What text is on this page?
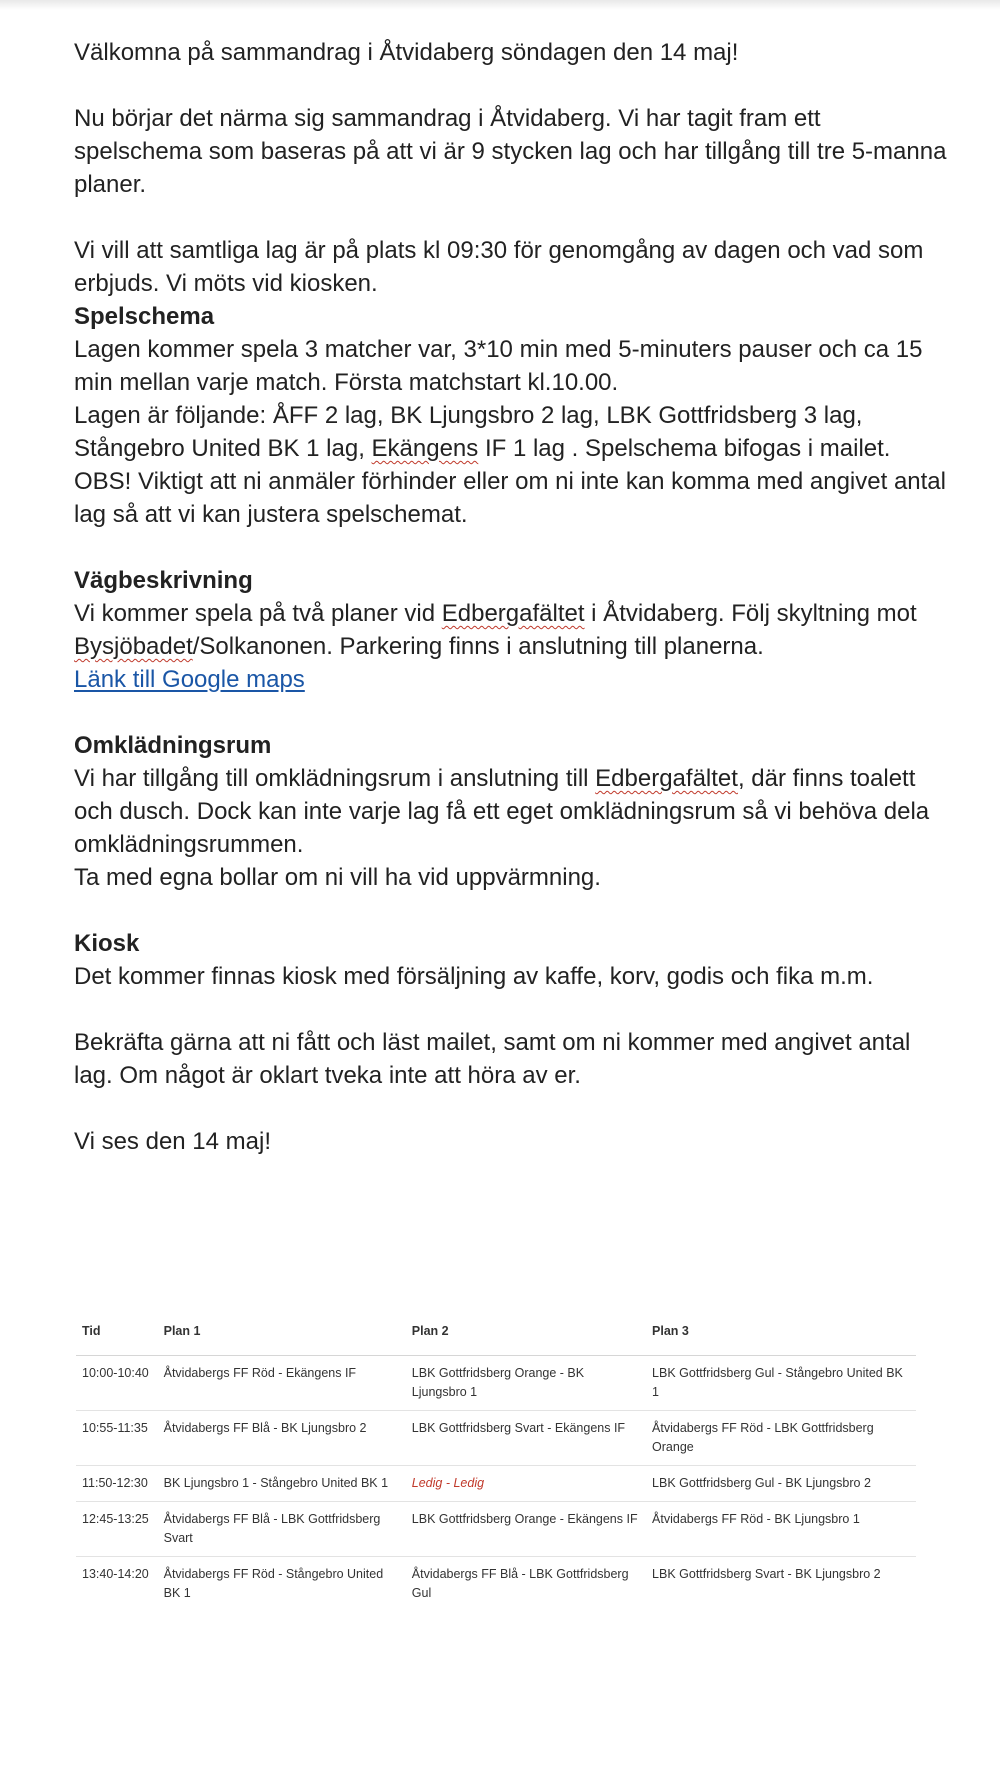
Välkomna på sammandrag i Åtvidaberg söndagen den 14 maj!

Nu börjar det närma sig sammandrag i Åtvidaberg. Vi har tagit fram ett spelschema som baseras på att vi är 9 stycken lag och har tillgång till tre 5-manna planer.

Vi vill att samtliga lag är på plats kl 09:30 för genomgång av dagen och vad som erbjuds. Vi möts vid kiosken.

Spelschema

Lagen kommer spela 3 matcher var, 3*10 min med 5-minuters pauser och ca 15 min mellan varje match. Första matchstart kl.10.00.

Lagen är följande: ÅFF 2 lag, BK Ljungsbro 2 lag, LBK Gottfridsberg 3 lag, Stångebro United BK 1 lag, Ekängens IF 1 lag . Spelschema bifogas i mailet. OBS! Viktigt att ni anmäler förhinder eller om ni inte kan komma med angivet antal lag så att vi kan justera spelschemat.

Vägbeskrivning

Vi kommer spela på två planer vid Edbergafältet i Åtvidaberg. Följ skyltning mot Bysjöbadet/Solkanonen. Parkering finns i anslutning till planerna.

Länk till Google maps

Omklädningsrum

Vi har tillgång till omklädningsrum i anslutning till Edbergafältet, där finns toalett och dusch. Dock kan inte varje lag få ett eget omklädningsrum så vi behöva dela omklädningsrummen.

Ta med egna bollar om ni vill ha vid uppvärmning.

Kiosk

Det kommer finnas kiosk med försäljning av kaffe, korv, godis och fika m.m.

Bekräfta gärna att ni fått och läst mailet, samt om ni kommer med angivet antal lag. Om något är oklart tveka inte att höra av er.

Vi ses den 14 maj!

Tid	Plan 1	Plan 2	Plan 3
10:00-10:40	Åtvidabergs FF Röd - Ekängens IF	LBK Gottfridsberg Orange - BK Ljungsbro 1	LBK Gottfridsberg Gul - Stångebro United BK 1
10:55-11:35	Åtvidabergs FF Blå - BK Ljungsbro 2	LBK Gottfridsberg Svart - Ekängens IF	Åtvidabergs FF Röd - LBK Gottfridsberg Orange
11:50-12:30	BK Ljungsbro 1 - Stångebro United BK 1	Ledig - Ledig	LBK Gottfridsberg Gul - BK Ljungsbro 2
12:45-13:25	Åtvidabergs FF Blå - LBK Gottfridsberg Svart	LBK Gottfridsberg Orange - Ekängens IF	Åtvidabergs FF Röd - BK Ljungsbro 1
13:40-14:20	Åtvidabergs FF Röd - Stångebro United BK 1	Åtvidabergs FF Blå - LBK Gottfridsberg Gul	LBK Gottfridsberg Svart - BK Ljungsbro 2
